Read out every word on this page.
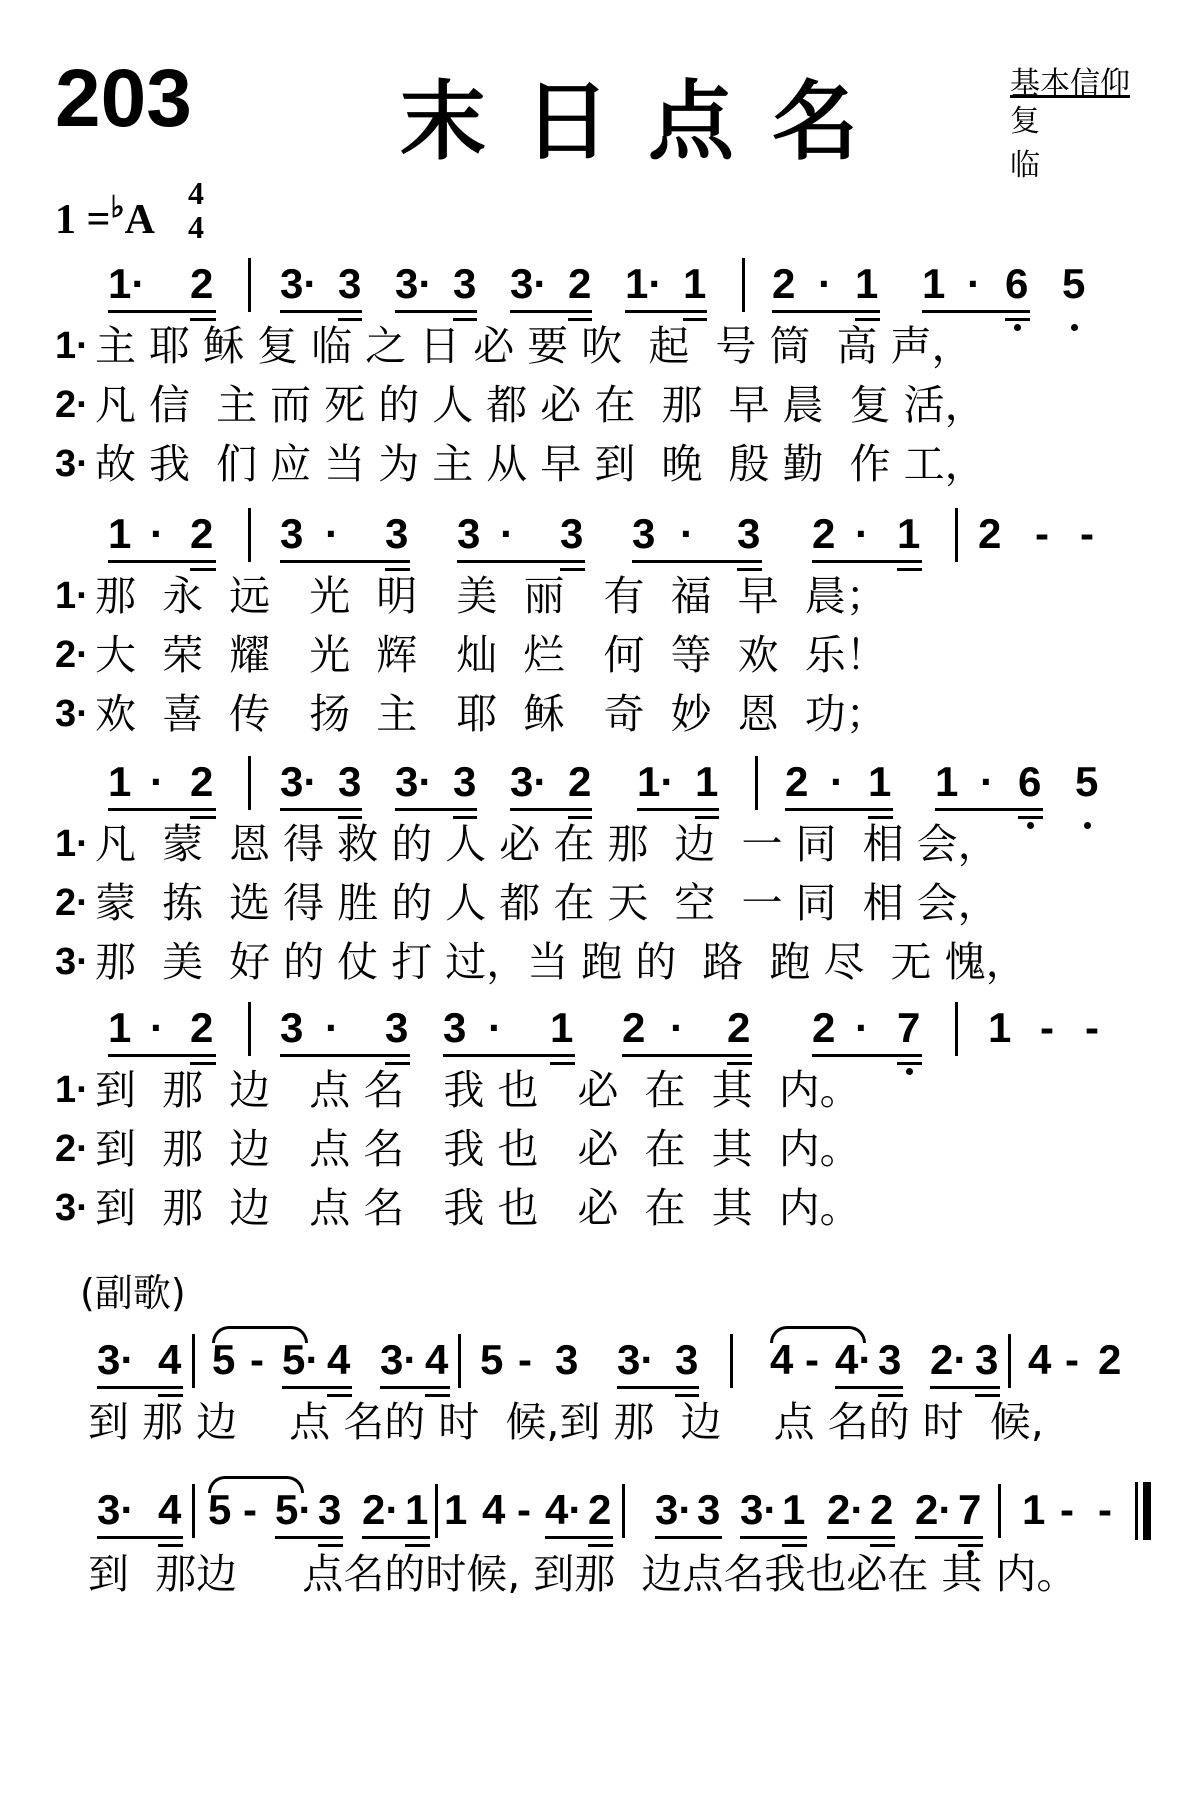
203 末日点名	基本信仰
复临
1 =♭A
4
4
1· 2 3· 3 3· 3 3· 2 1· 1 2 · 1 1 · 6 5
1· 主 耶 稣 复 临 之 日 必 要 吹  起  号 筒  高 声，
2· 凡 信  主 而 死 的 人 都 必 在  那  早 晨  复 活，
3· 故 我  们 应 当 为 主 从 早 到  晚  殷 勤  作 工，
1 · 2 3 · 3 3 · 3 3 · 3 2 · 1 2 - -
1· 那  永  远   光  明   美  丽   有  福  早  晨；
2· 大  荣  耀   光  辉   灿  烂   何  等  欢  乐！
3· 欢  喜  传   扬  主   耶  稣   奇  妙  恩  功；
1 · 2 3· 3 3· 3 3· 2 1· 1 2 · 1 1 · 6 5
1· 凡  蒙  恩 得 救 的 人 必 在 那  边  一 同  相 会，
2· 蒙  拣  选 得 胜 的 人 都 在 天  空  一 同  相 会，
3· 那  美  好 的 仗 打 过，当 跑 的  路  跑 尽  无 愧，
1 · 2 3 · 3 3 · 1 2 · 2 2 · 7 1 - -
1· 到  那  边   点 名   我 也   必  在  其  内。
2· 到  那  边   点 名   我 也   必  在  其  内。
3· 到  那  边   点 名   我 也   必  在  其  内。
(副歌)
3· 4 5 - 5· 4 3· 4 5 - 3 3· 3 4 - 4· 3 2· 3 4 - 2
到 那 边    点 名的 时  候,到 那  边    点 名的 时  候,
3· 4 5 - 5· 3 2· 1 1 4 - 4· 2 3· 3 3· 1 2· 2 2· 7 1 - -
到  那边     点名的时候, 到那  边点名我也必在 其 内。
